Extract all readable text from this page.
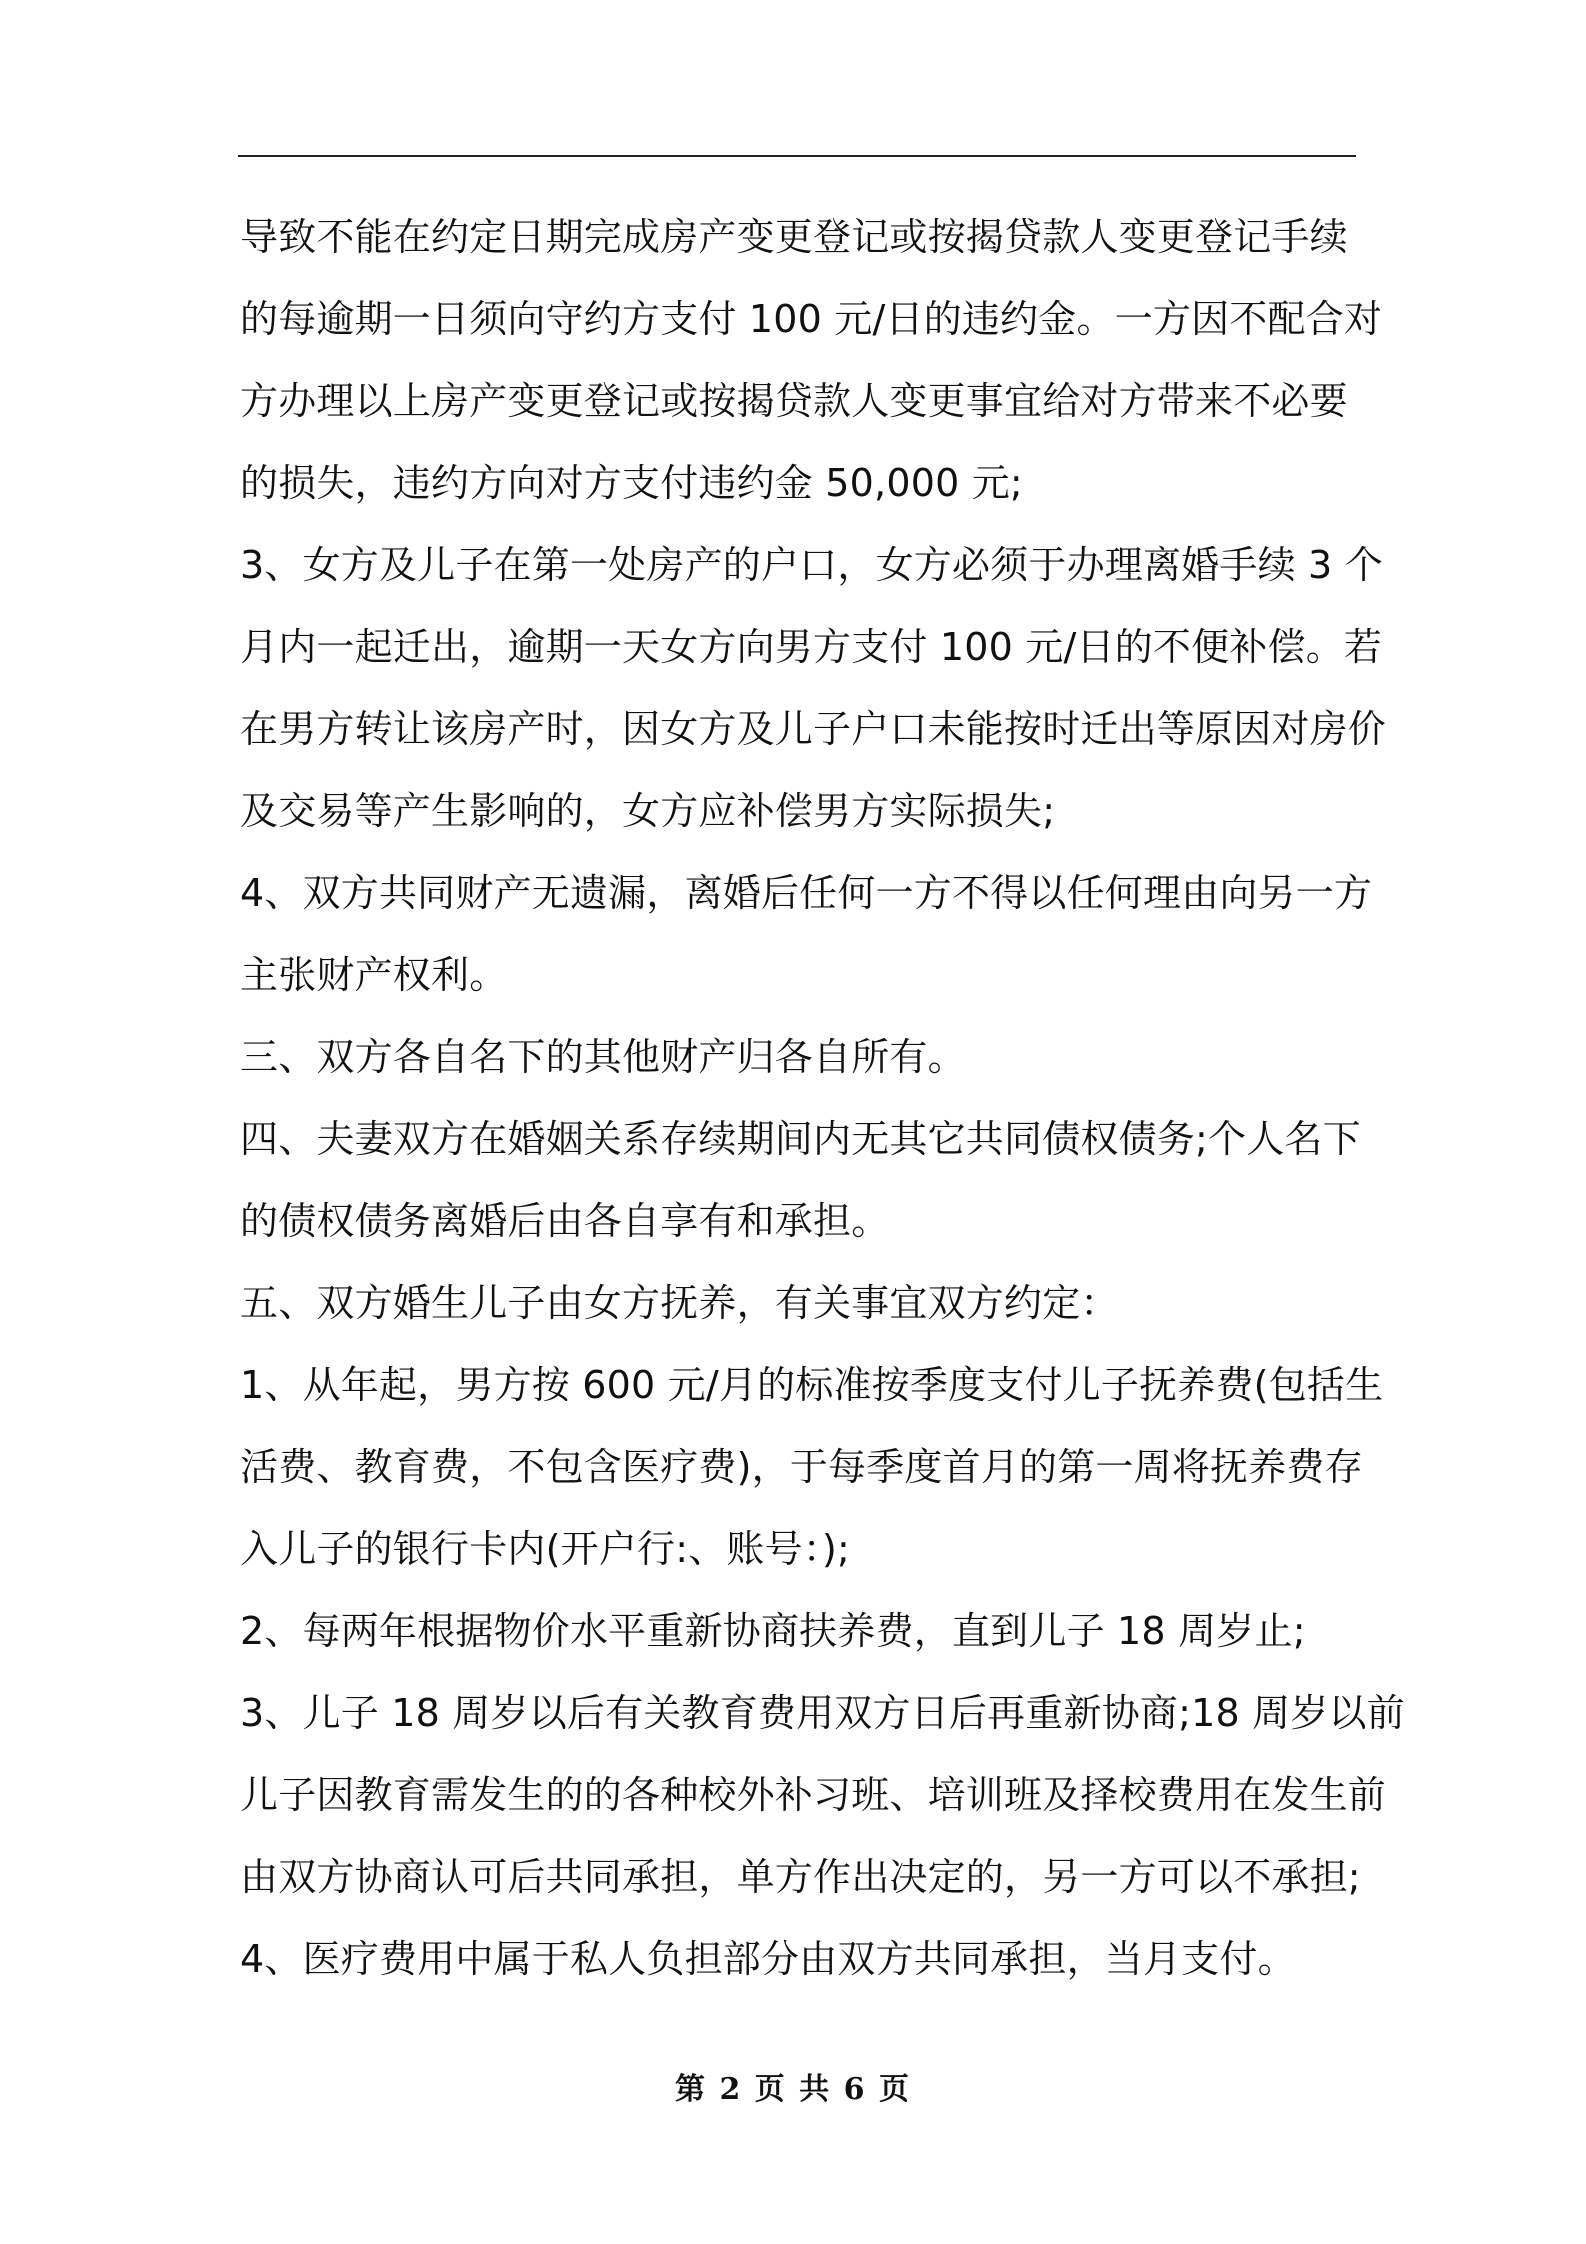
导致不能在约定日期完成房产变更登记或按揭贷款人变更登记手续
的每逾期一日须向守约方支付 100 元/日的违约金。一方因不配合对
方办理以上房产变更登记或按揭贷款人变更事宜给对方带来不必要
的损失，违约方向对方支付违约金 50,000 元;
3、女方及儿子在第一处房产的户口，女方必须于办理离婚手续 3 个
月内一起迁出，逾期一天女方向男方支付 100 元/日的不便补偿。若
在男方转让该房产时，因女方及儿子户口未能按时迁出等原因对房价
及交易等产生影响的，女方应补偿男方实际损失;
4、双方共同财产无遗漏，离婚后任何一方不得以任何理由向另一方
主张财产权利。
三、双方各自名下的其他财产归各自所有。
四、夫妻双方在婚姻关系存续期间内无其它共同债权债务;个人名下
的债权债务离婚后由各自享有和承担。
五、双方婚生儿子由女方抚养，有关事宜双方约定：
1、从年起，男方按 600 元/月的标准按季度支付儿子抚养费(包括生
活费、教育费，不包含医疗费)，于每季度首月的第一周将抚养费存
入儿子的银行卡内(开户行:、账号：);
2、每两年根据物价水平重新协商扶养费，直到儿子 18 周岁止;
3、儿子 18 周岁以后有关教育费用双方日后再重新协商;18 周岁以前
儿子因教育需发生的的各种校外补习班、培训班及择校费用在发生前
由双方协商认可后共同承担，单方作出决定的，另一方可以不承担;
4、医疗费用中属于私人负担部分由双方共同承担，当月支付。
第 2 页 共 6 页
